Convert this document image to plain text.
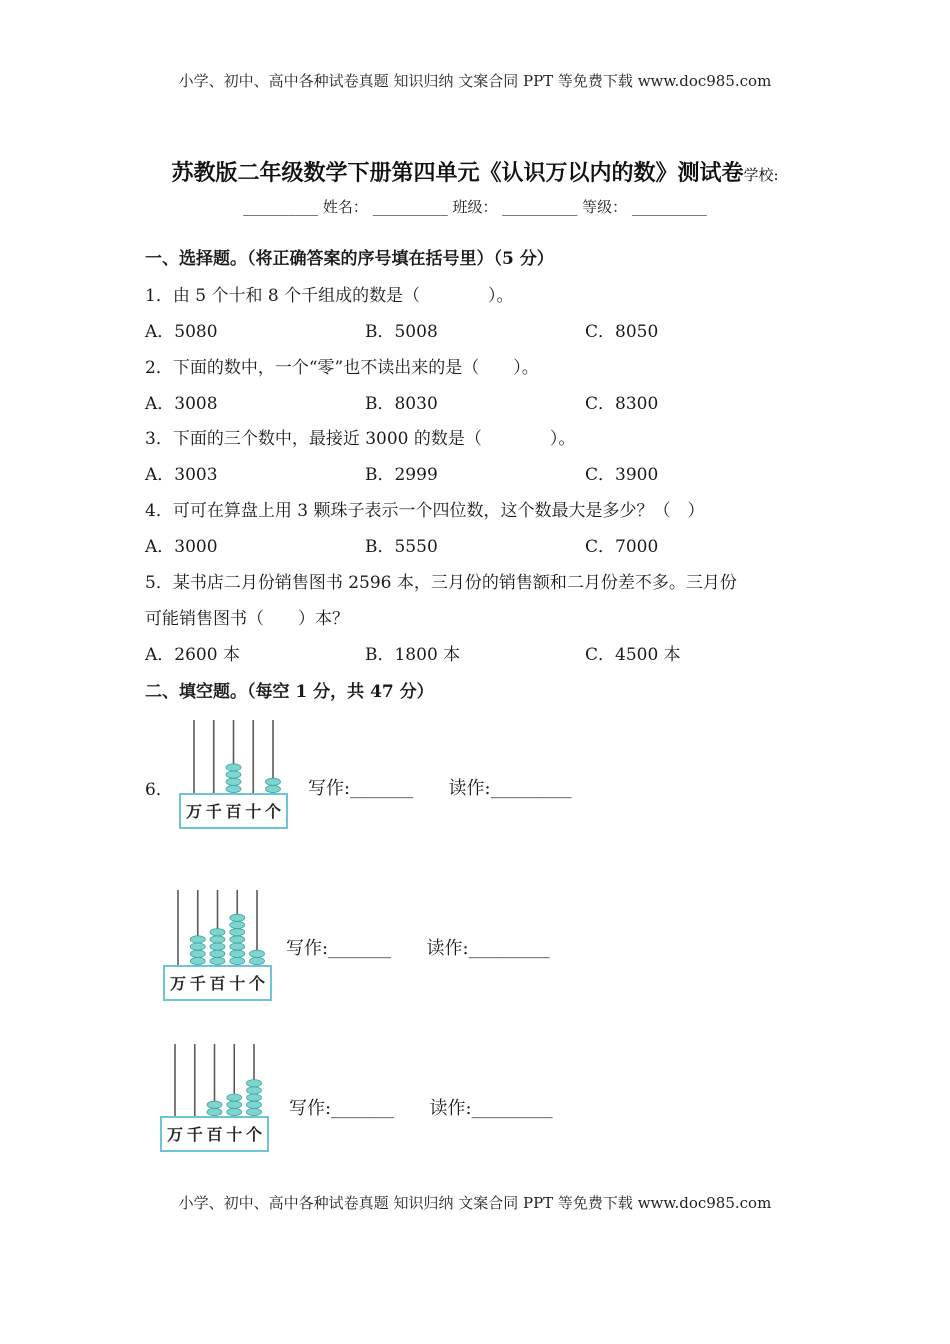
小学、初中、高中各种试卷真题 知识归纳 文案合同 PPT 等免费下载 www.doc985.com
苏教版二年级数学下册第四单元《认识万以内的数》测试卷学校:
__________ 姓名： __________ 班级： __________ 等级： __________
一、选择题。（将正确答案的序号填在括号里）（5 分）
1．由 5 个十和 8 个千组成的数是（　　　　）。
A．5080	B．5008	C．8050
2．下面的数中，一个“零”也不读出来的是（　　）。
A．3008	B．8030	C．8300
3．下面的三个数中，最接近 3000 的数是（　　　　）。
A．3003	B．2999	C．3900
4．可可在算盘上用 3 颗珠子表示一个四位数，这个数最大是多少？（　）
A．3000	B．5550	C．7000
5．某书店二月份销售图书 2596 本，三月份的销售额和二月份差不多。三月份
可能销售图书（　　）本？
A．2600 本	B．1800 本	C．4500 本
二、填空题。（每空 1 分，共 47 分）
6．
万 千 百 十 个
写作:_______ 读作:_________
万 千 百 十 个
写作:_______ 读作:_________
万 千 百 十 个
写作:_______ 读作:_________
小学、初中、高中各种试卷真题 知识归纳 文案合同 PPT 等免费下载 www.doc985.com
